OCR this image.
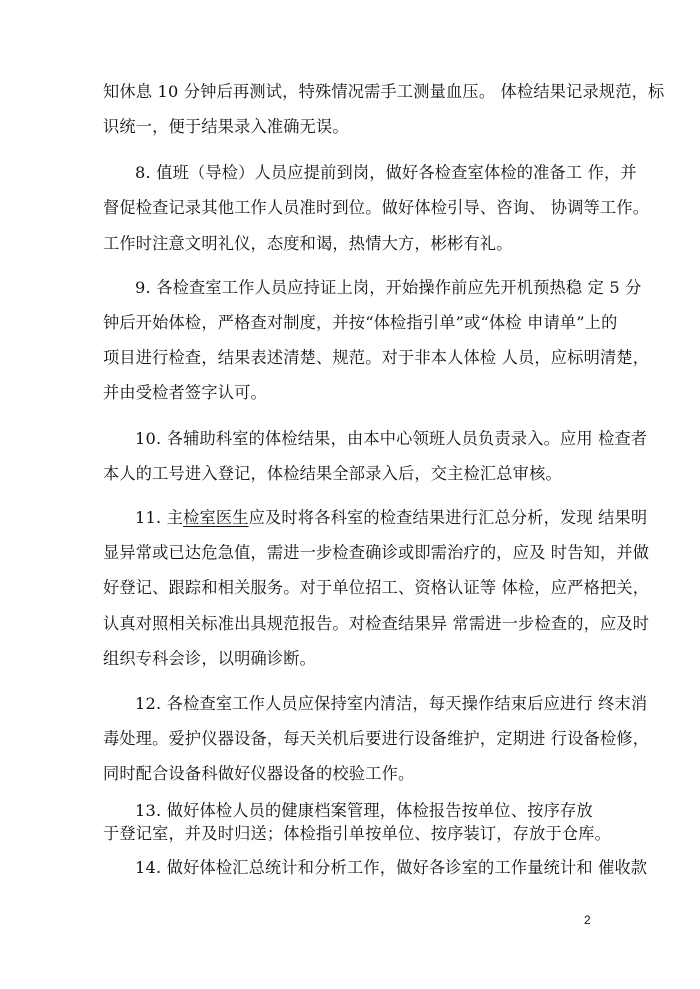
知休息 10 分钟后再测试，特殊情况需手工测量血压。 体检结果记录规范，标
识统一，便于结果录入准确无误。
8. 值班（导检）人员应提前到岗，做好各检查室体检的准备工 作，并
督促检查记录其他工作人员准时到位。做好体检引导、咨询、 协调等工作。
工作时注意文明礼仪，态度和谒，热情大方，彬彬有礼。
9. 各检查室工作人员应持证上岗，开始操作前应先开机预热稳 定 5 分
钟后开始体检，严格查对制度，并按“体检指引单”或“体检 申请单”上的
项目进行检查，结果表述清楚、规范。对于非本人体检 人员，应标明清楚，
并由受检者签字认可。
10. 各辅助科室的体检结果，由本中心领班人员负责录入。应用 检查者
本人的工号进入登记，体检结果全部录入后，交主检汇总审核。
11. 主检室医生应及时将各科室的检查结果进行汇总分析，发现 结果明
显异常或已达危急值，需进一步检查确诊或即需治疗的，应及 时告知，并做
好登记、跟踪和相关服务。对于单位招工、资格认证等 体检，应严格把关，
认真对照相关标准出具规范报告。对检查结果异 常需进一步检查的，应及时
组织专科会诊，以明确诊断。
12. 各检查室工作人员应保持室内清洁，每天操作结束后应进行 终末消
毒处理。爱护仪器设备，每天关机后要进行设备维护，定期进 行设备检修，
同时配合设备科做好仪器设备的校验工作。
13. 做好体检人员的健康档案管理，体检报告按单位、按序存放
于登记室，并及时归送；体检指引单按单位、按序装订，存放于仓库。
14. 做好体检汇总统计和分析工作，做好各诊室的工作量统计和 催收款
2
